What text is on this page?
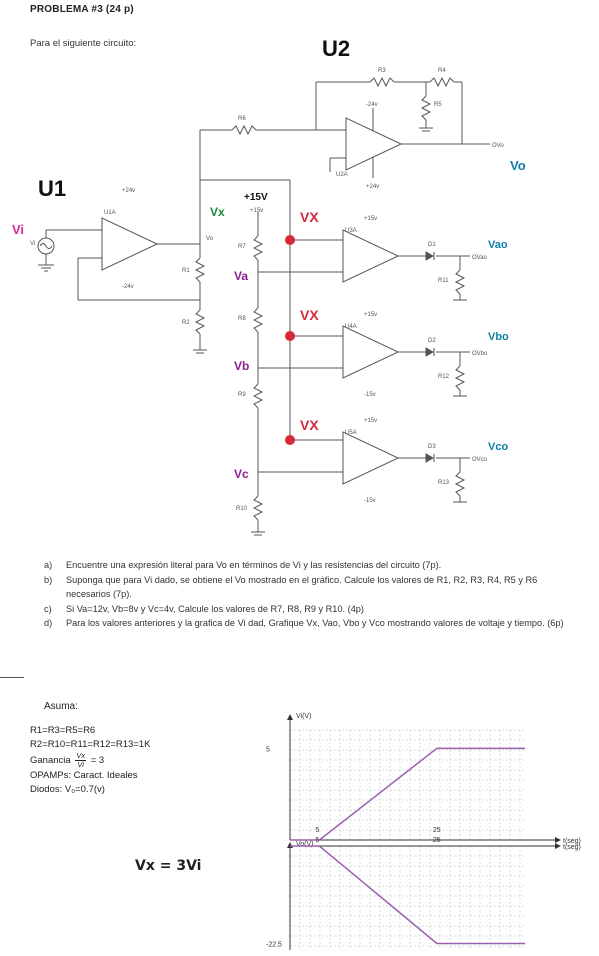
PROBLEMA #3 (24 p)
Para el siguiente circuito:
R3	R4
R5
R6
R1
R2
R7
R8
R9
R10
R11
R12
R13
D1
D2
D3
U1A
U2A
U3A
U4A
U5A
+24v
-24v
-24v
+24v
+15v
+15v
+15v
+15v
-15v
-15v
Vo
OVo
OVao
OVbo
OVco
Vi
U2
U1
Vi
Vo
Vx
+15V
VX
VX
VX
Vao
Vbo
Vco
Va
Vb
Vc
a)	Encuentre una expresión literal para Vo en términos de Vi y las resistencias del circuito (7p).
b)	Suponga que para Vi dado, se obtiene el Vo mostrado en el gráfico. Calcule los valores de R1, R2, R3, R4, R5 y R6 necesarios (7p).
c)	Si Va=12v, Vb=8v y Vc=4v, Calcule los valores de R7, R8, R9 y R10. (4p)
d)	Para los valores anteriores y la grafica de Vi dad, Grafique Vx, Vao, Vbo y Vco mostrando valores de voltaje y tiempo. (6p)
Asuma:
R1=R3=R5=R6
R2=R10=R11=R12=R13=1K
Ganancia $\frac{Vx}{Vi} = 3$
OPAMPs: Caract. Ideales
Diodos: V₀=0.7(v)
Vx = 3Vi
Vi(V)
t(seg)
5	25
5
Vo(V)	t(seg)
5	25
-22.5
